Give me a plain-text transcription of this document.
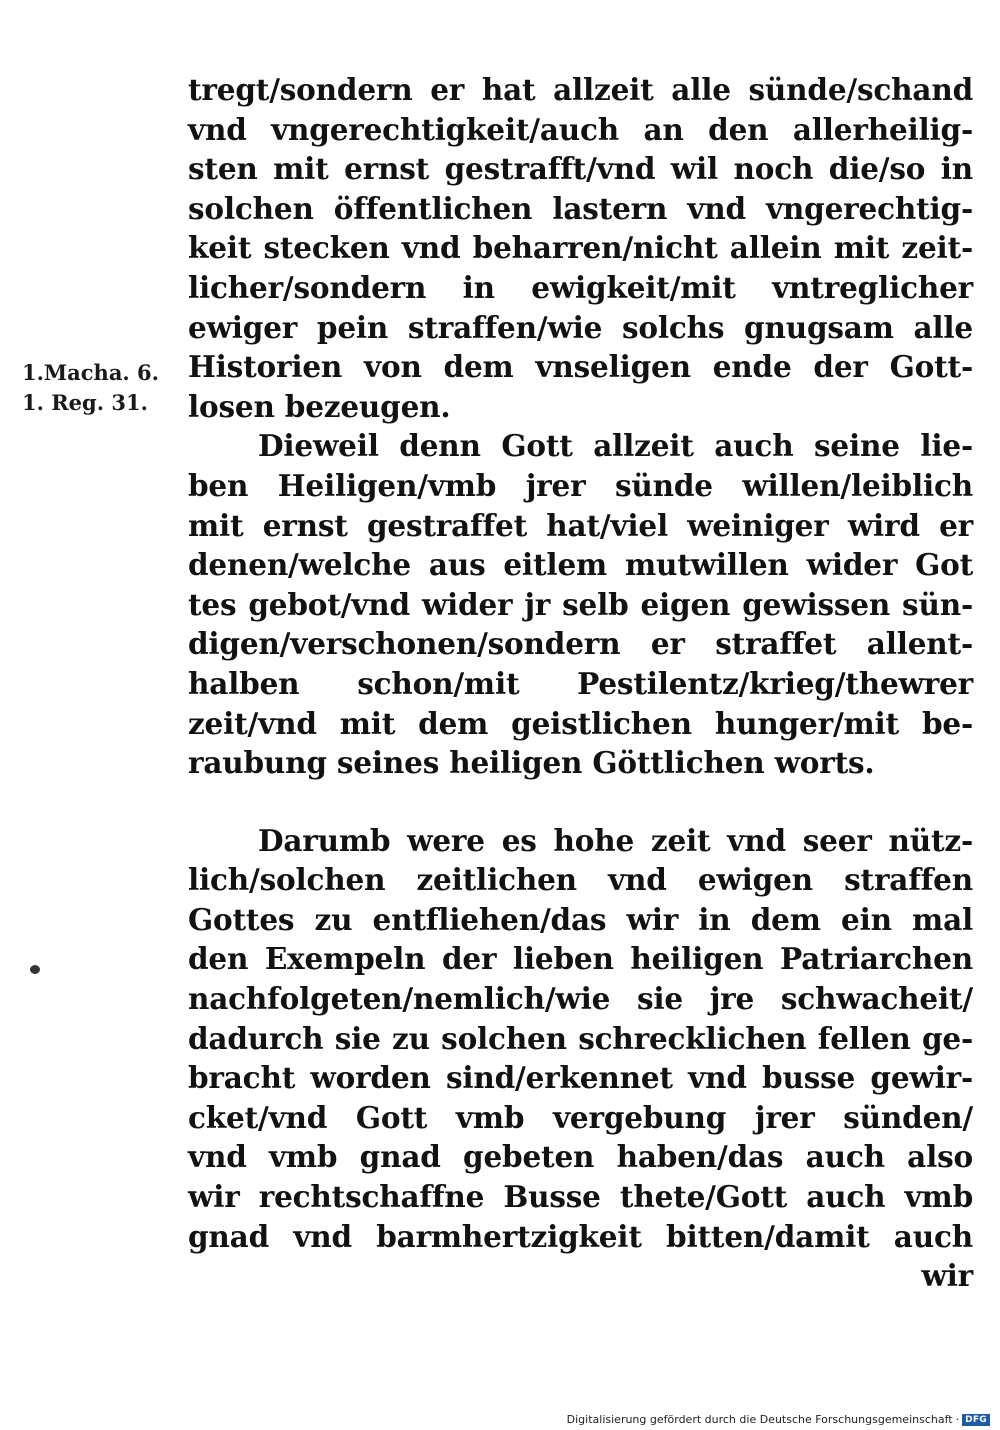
1.Macha. 6.
1. Reg. 31.
tregt/sondern er hat allzeit alle sünde/schand
vnd vngerechtigkeit/auch an den allerheilig-
sten mit ernst gestrafft/vnd wil noch die/so in
solchen öffentlichen lastern vnd vngerechtig-
keit stecken vnd beharren/nicht allein mit zeit-
licher/sondern in ewigkeit/mit vntreglicher
ewiger pein straffen/wie solchs gnugsam alle
Historien von dem vnseligen ende der Gott-
losen bezeugen.
Dieweil denn Gott allzeit auch seine lie-
ben Heiligen/vmb jrer sünde willen/leiblich
mit ernst gestraffet hat/viel weiniger wird er
denen/welche aus eitlem mutwillen wider Got
tes gebot/vnd wider jr selb eigen gewissen sün-
digen/verschonen/sondern er straffet allent-
halben schon/mit Pestilentz/krieg/thewrer
zeit/vnd mit dem geistlichen hunger/mit be-
raubung seines heiligen Göttlichen worts.
Darumb were es hohe zeit vnd seer nütz-
lich/solchen zeitlichen vnd ewigen straffen
Gottes zu entfliehen/das wir in dem ein mal
den Exempeln der lieben heiligen Patriarchen
nachfolgeten/nemlich/wie sie jre schwacheit/
dadurch sie zu solchen schrecklichen fellen ge-
bracht worden sind/erkennet vnd busse gewir-
cket/vnd Gott vmb vergebung jrer sünden/
vnd vmb gnad gebeten haben/das auch also
wir rechtschaffne Busse thete/Gott auch vmb
gnad vnd barmhertzigkeit bitten/damit auch
wir
Digitalisierung gefördert durch die Deutsche Forschungsgemeinschaft · DFG
